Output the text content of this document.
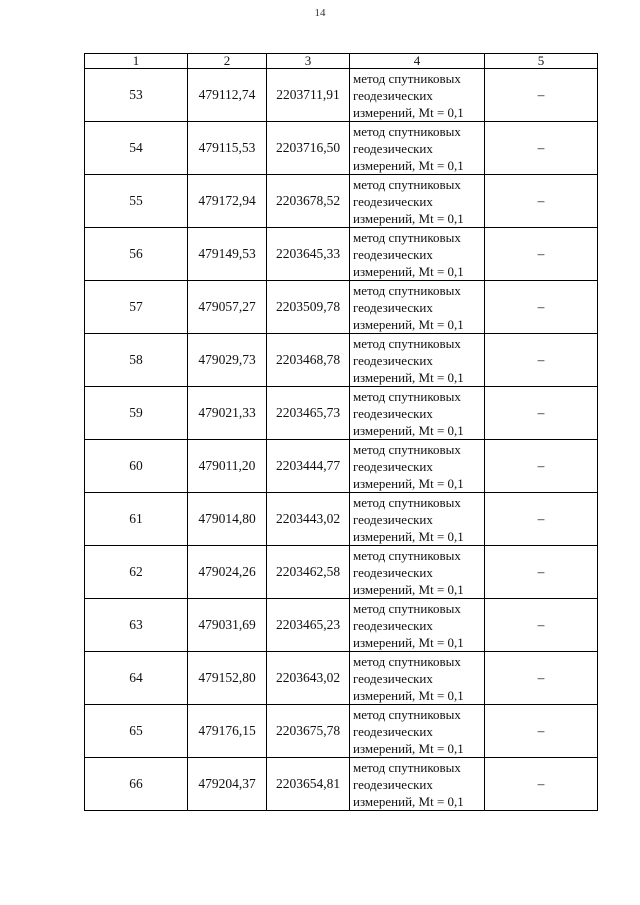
14
1	2	3	4	5
53	479112,74	2203711,91	метод спутниковых
геодезических
измерений, Mt = 0,1	–
54	479115,53	2203716,50	метод спутниковых
геодезических
измерений, Mt = 0,1	–
55	479172,94	2203678,52	метод спутниковых
геодезических
измерений, Mt = 0,1	–
56	479149,53	2203645,33	метод спутниковых
геодезических
измерений, Mt = 0,1	–
57	479057,27	2203509,78	метод спутниковых
геодезических
измерений, Mt = 0,1	–
58	479029,73	2203468,78	метод спутниковых
геодезических
измерений, Mt = 0,1	–
59	479021,33	2203465,73	метод спутниковых
геодезических
измерений, Mt = 0,1	–
60	479011,20	2203444,77	метод спутниковых
геодезических
измерений, Mt = 0,1	–
61	479014,80	2203443,02	метод спутниковых
геодезических
измерений, Mt = 0,1	–
62	479024,26	2203462,58	метод спутниковых
геодезических
измерений, Mt = 0,1	–
63	479031,69	2203465,23	метод спутниковых
геодезических
измерений, Mt = 0,1	–
64	479152,80	2203643,02	метод спутниковых
геодезических
измерений, Mt = 0,1	–
65	479176,15	2203675,78	метод спутниковых
геодезических
измерений, Mt = 0,1	–
66	479204,37	2203654,81	метод спутниковых
геодезических
измерений, Mt = 0,1	–
